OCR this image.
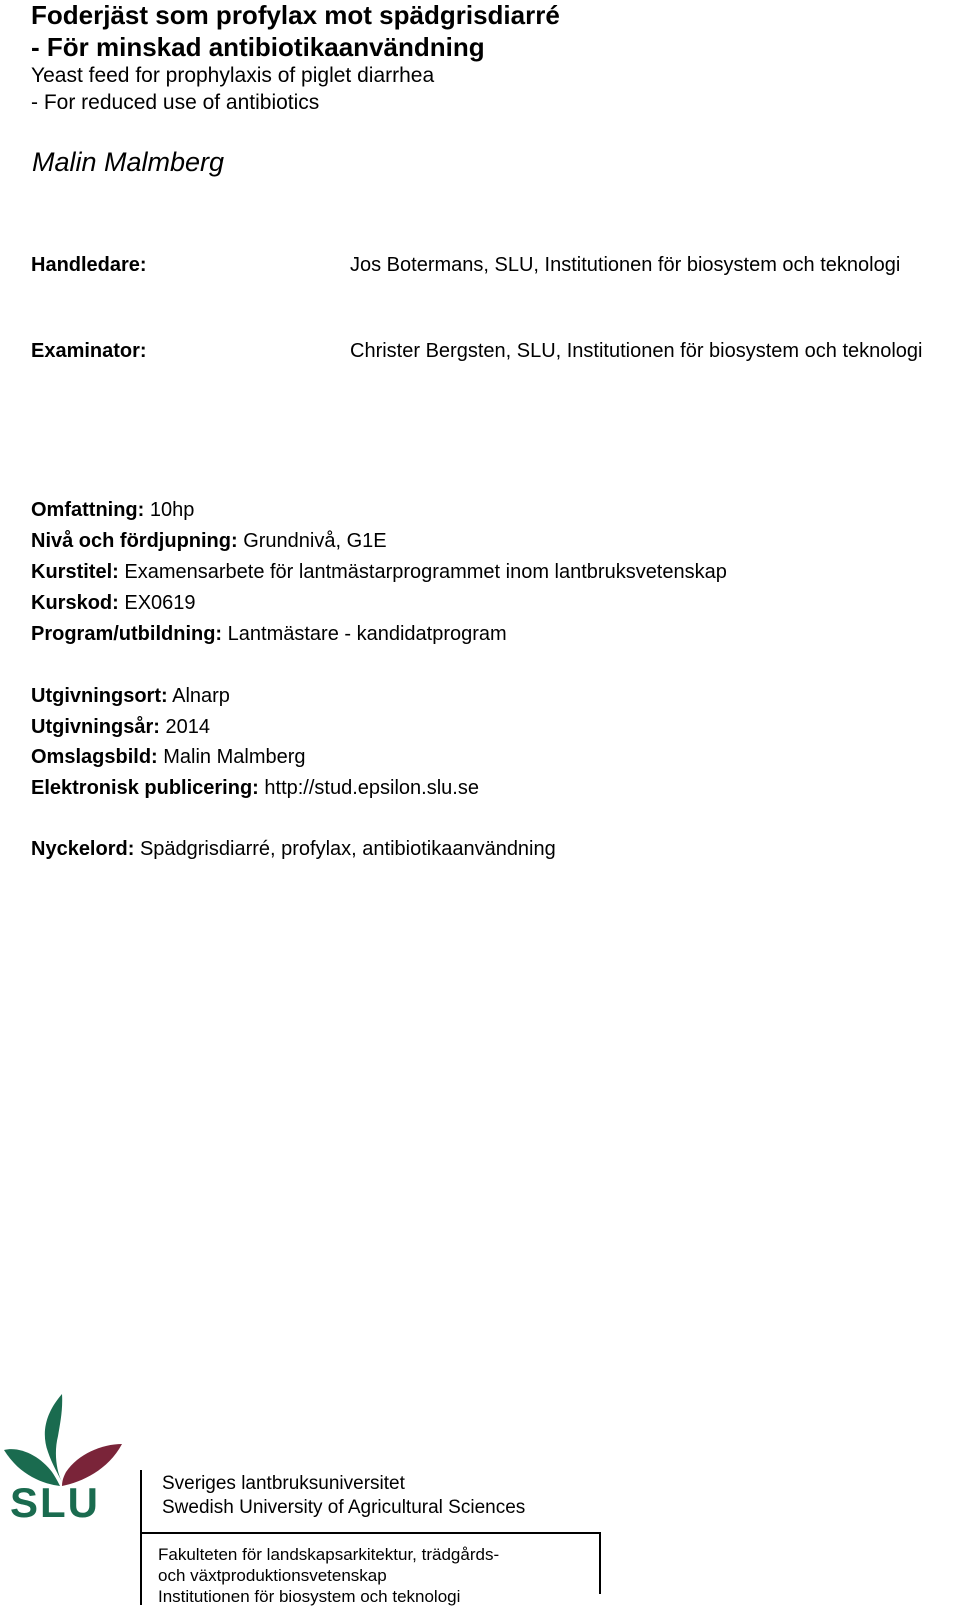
Foderjäst som profylax mot spädgrisdiarré
- För minskad antibiotikaanvändning
Yeast feed for prophylaxis of piglet diarrhea
- For reduced use of antibiotics
Malin Malmberg
Handledare:	Jos Botermans, SLU, Institutionen för biosystem och teknologi
Examinator:	Christer Bergsten, SLU, Institutionen för biosystem och teknologi
Omfattning: 10hp
Nivå och fördjupning: Grundnivå, G1E
Kurstitel: Examensarbete för lantmästarprogrammet inom lantbruksvetenskap
Kurskod: EX0619
Program/utbildning: Lantmästare - kandidatprogram
Utgivningsort: Alnarp
Utgivningsår: 2014
Omslagsbild: Malin Malmberg
Elektronisk publicering: http://stud.epsilon.slu.se
Nyckelord: Spädgrisdiarré, profylax, antibiotikaanvändning
SLU	Sveriges lantbruksuniversitet
Swedish University of Agricultural Sciences
Fakulteten för landskapsarkitektur, trädgårds-
och växtproduktionsvetenskap
Institutionen för biosystem och teknologi
